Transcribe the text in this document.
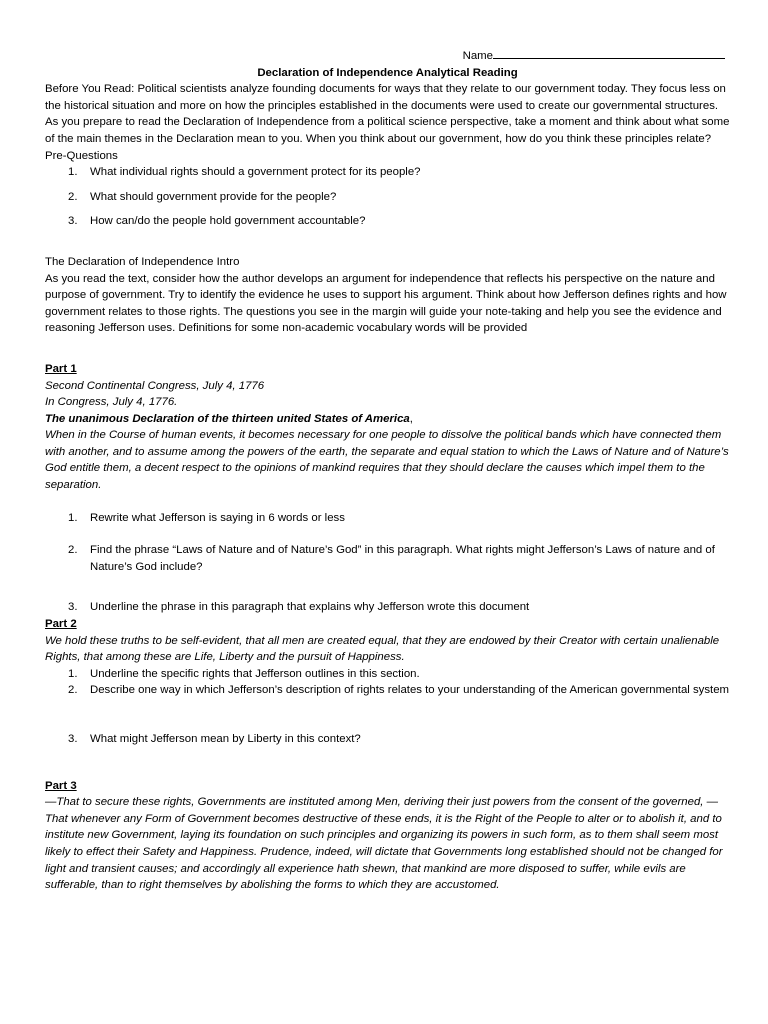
Name
Declaration of Independence Analytical Reading

Before You Read: Political scientists analyze founding documents for ways that they relate to our government today. They focus less on the historical situation and more on how the principles established in the documents were used to create our governmental structures. As you prepare to read the Declaration of Independence from a political science perspective, take a moment and think about what some of the main themes in the Declaration mean to you. When you think about our government, how do you think these principles relate?

Pre-Questions

1. What individual rights should a government protect for its people?
2. What should government provide for the people?
3. How can/do the people hold government accountable?

The Declaration of Independence Intro

As you read the text, consider how the author develops an argument for independence that reflects his perspective on the nature and purpose of government. Try to identify the evidence he uses to support his argument. Think about how Jefferson defines rights and how government relates to those rights. The questions you see in the margin will guide your note-taking and help you see the evidence and reasoning Jefferson uses. Definitions for some non-academic vocabulary words will be provided

Part 1

Second Continental Congress, July 4, 1776

In Congress, July 4, 1776.

The unanimous Declaration of the thirteen united States of America,

When in the Course of human events, it becomes necessary for one people to dissolve the political bands which have connected them with another, and to assume among the powers of the earth, the separate and equal station to which the Laws of Nature and of Nature’s God entitle them, a decent respect to the opinions of mankind requires that they should declare the causes which impel them to the separation.

1. Rewrite what Jefferson is saying in 6 words or less
2. Find the phrase “Laws of Nature and of Nature’s God” in this paragraph. What rights might Jefferson’s Laws of nature and of Nature’s God include?
3. Underline the phrase in this paragraph that explains why Jefferson wrote this document

Part 2

We hold these truths to be self-evident, that all men are created equal, that they are endowed by their Creator with certain unalienable Rights, that among these are Life, Liberty and the pursuit of Happiness.

1. Underline the specific rights that Jefferson outlines in this section.
2. Describe one way in which Jefferson’s description of rights relates to your understanding of the American governmental system
3. What might Jefferson mean by Liberty in this context?

Part 3

—That to secure these rights, Governments are instituted among Men, deriving their just powers from the consent of the governed, —That whenever any Form of Government becomes destructive of these ends, it is the Right of the People to alter or to abolish it, and to institute new Government, laying its foundation on such principles and organizing its powers in such form, as to them shall seem most likely to effect their Safety and Happiness. Prudence, indeed, will dictate that Governments long established should not be changed for light and transient causes; and accordingly all experience hath shewn, that mankind are more disposed to suffer, while evils are sufferable, than to right themselves by abolishing the forms to which they are accustomed.
